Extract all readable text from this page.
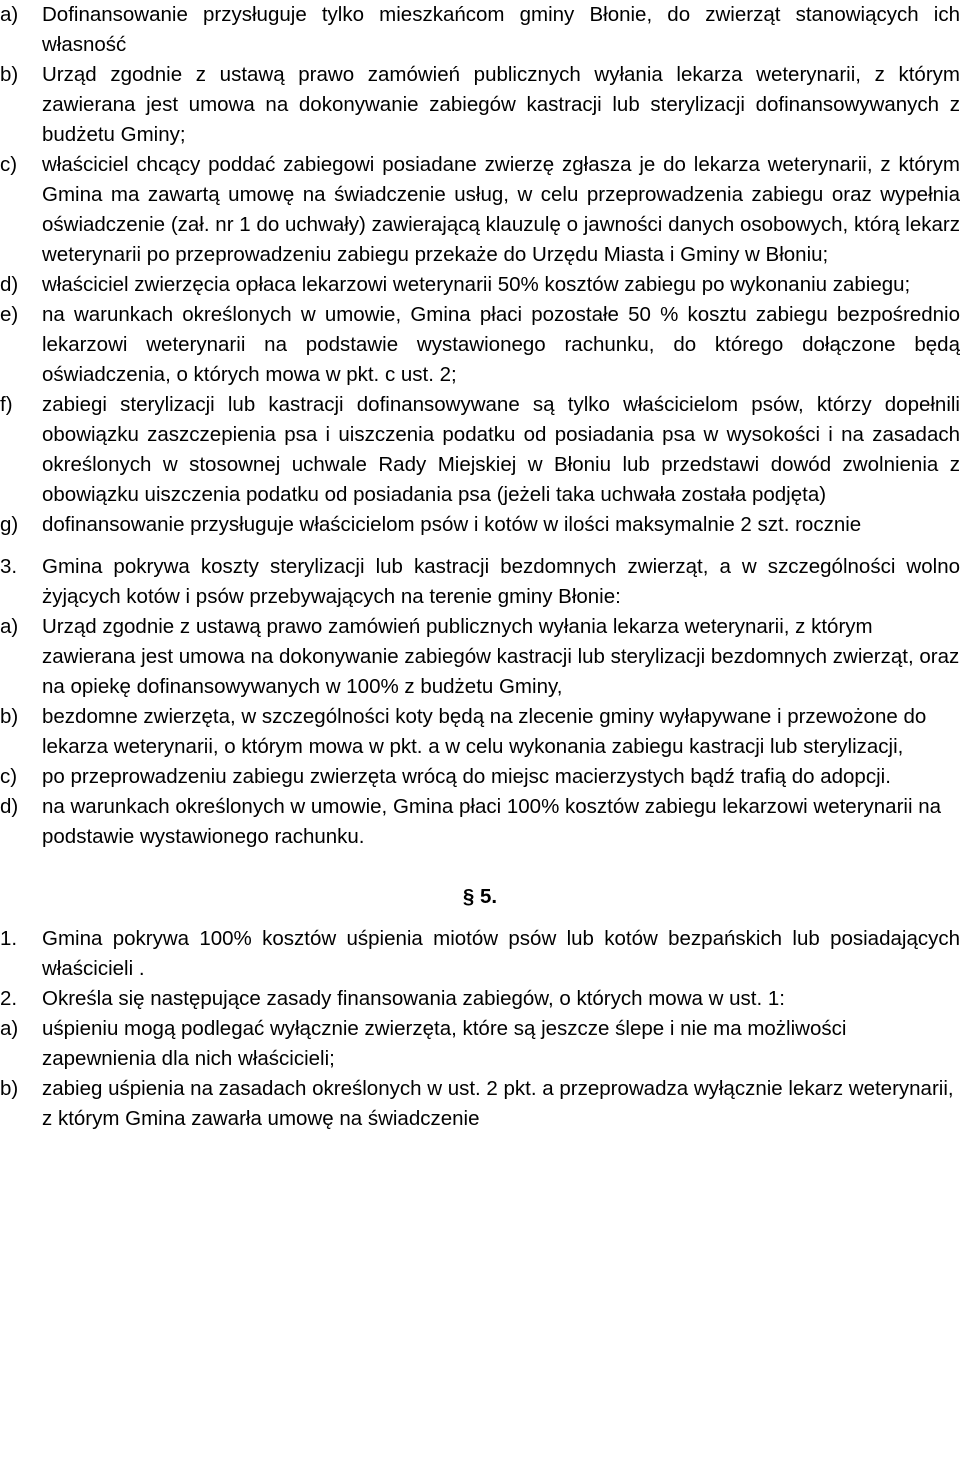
a) Dofinansowanie przysługuje tylko mieszkańcom gminy Błonie, do zwierząt stanowiących ich własność
b) Urząd zgodnie z ustawą prawo zamówień publicznych wyłania lekarza weterynarii, z którym zawierana jest umowa na dokonywanie zabiegów kastracji lub sterylizacji dofinansowywanych z budżetu Gminy;
c) właściciel chcący poddać zabiegowi posiadane zwierzę zgłasza je do lekarza weterynarii, z którym Gmina ma zawartą umowę na świadczenie usług, w celu przeprowadzenia zabiegu oraz wypełnia oświadczenie (zał. nr 1 do uchwały) zawierającą klauzulę o jawności danych osobowych, którą lekarz weterynarii po przeprowadzeniu zabiegu przekaże do Urzędu Miasta i Gminy w Błoniu;
d) właściciel zwierzęcia opłaca lekarzowi weterynarii 50% kosztów zabiegu po wykonaniu zabiegu;
e) na warunkach określonych w umowie, Gmina płaci pozostałe 50 % kosztu zabiegu bezpośrednio lekarzowi weterynarii na podstawie wystawionego rachunku, do którego dołączone będą oświadczenia, o których mowa w pkt. c ust. 2;
f) zabiegi sterylizacji lub kastracji dofinansowywane są tylko właścicielom psów, którzy dopełnili obowiązku zaszczepienia psa i uiszczenia podatku od posiadania psa w wysokości i na zasadach określonych w stosownej uchwale Rady Miejskiej w Błoniu lub przedstawi dowód zwolnienia z obowiązku uiszczenia podatku od posiadania psa (jeżeli taka uchwała została podjęta)
g) dofinansowanie przysługuje właścicielom psów i kotów w ilości maksymalnie 2 szt. rocznie
3. Gmina pokrywa koszty sterylizacji lub kastracji bezdomnych zwierząt, a w szczególności wolno żyjących kotów i psów przebywających na terenie gminy Błonie:
a) Urząd zgodnie z ustawą prawo zamówień publicznych wyłania lekarza weterynarii, z którym zawierana jest umowa na dokonywanie zabiegów kastracji lub sterylizacji bezdomnych zwierząt, oraz na opiekę dofinansowywanych w 100% z budżetu Gminy,
b) bezdomne zwierzęta, w szczególności koty będą na zlecenie gminy wyłapywane i przewożone do lekarza weterynarii, o którym mowa w pkt. a w celu wykonania zabiegu kastracji lub sterylizacji,
c) po przeprowadzeniu zabiegu zwierzęta wrócą do miejsc macierzystych bądź trafią do adopcji.
d) na warunkach określonych w umowie, Gmina płaci 100% kosztów zabiegu lekarzowi weterynarii na podstawie wystawionego rachunku.

§ 5.

1. Gmina pokrywa 100% kosztów uśpienia miotów psów lub kotów bezpańskich lub posiadających właścicieli .
2. Określa się następujące zasady finansowania zabiegów, o których mowa w ust. 1:
a) uśpieniu mogą podlegać wyłącznie zwierzęta, które są jeszcze ślepe i nie ma możliwości zapewnienia dla nich właścicieli;
b) zabieg uśpienia na zasadach określonych w ust. 2 pkt. a przeprowadza wyłącznie lekarz weterynarii, z którym Gmina zawarła umowę na świadczenie
